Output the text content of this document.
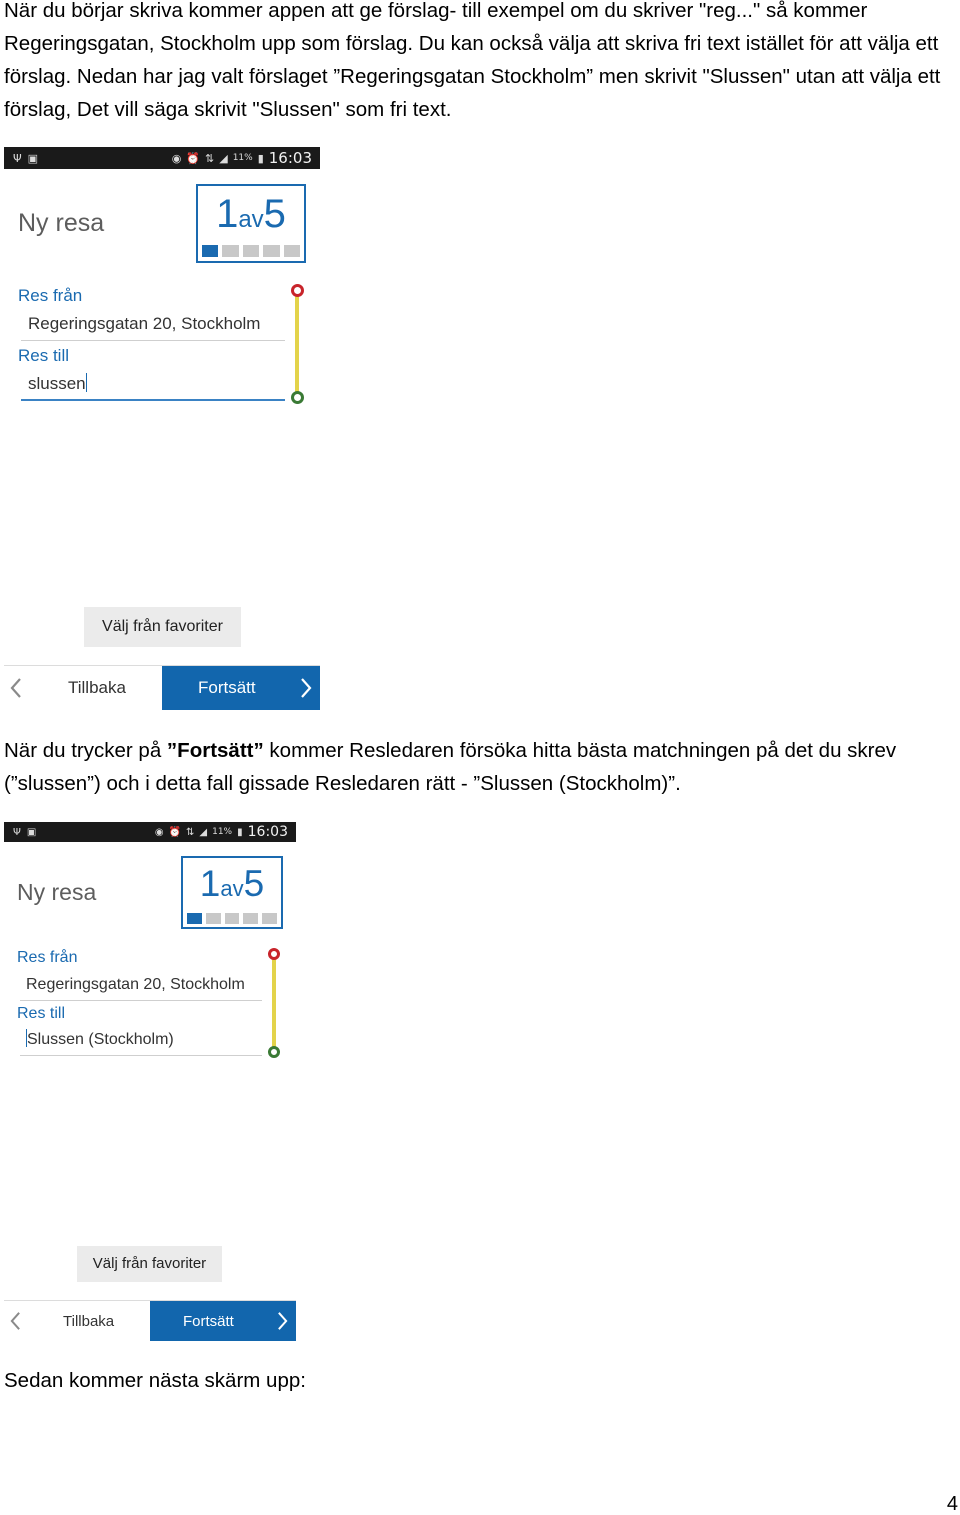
När du börjar skriva kommer appen att ge förslag- till exempel om du skriver "reg..." så kommer Regeringsgatan, Stockholm upp som förslag. Du kan också välja att skriva fri text istället för att välja ett förslag. Nedan har jag valt förslaget ”Regeringsgatan Stockholm” men skrivit "Slussen" utan att välja ett förslag, Det vill säga skrivit "Slussen" som fri text.

Ψ ▣	◉ ⏰ ⇅ ◢ 11% ▮ 16:03
Ny resa	1av5
Res från
Regeringsgatan 20, Stockholm
Res till
slussen
Välj från favoriter
Tillbaka	Fortsätt

När du trycker på ”Fortsätt” kommer Resledaren försöka hitta bästa matchningen på det du skrev (”slussen”) och i detta fall gissade Resledaren rätt - ”Slussen (Stockholm)”.

Ψ ▣	◉ ⏰ ⇅ ◢ 11% ▮ 16:03
Ny resa	1av5
Res från
Regeringsgatan 20, Stockholm
Res till
Slussen (Stockholm)
Välj från favoriter
Tillbaka	Fortsätt

Sedan kommer nästa skärm upp:

4
